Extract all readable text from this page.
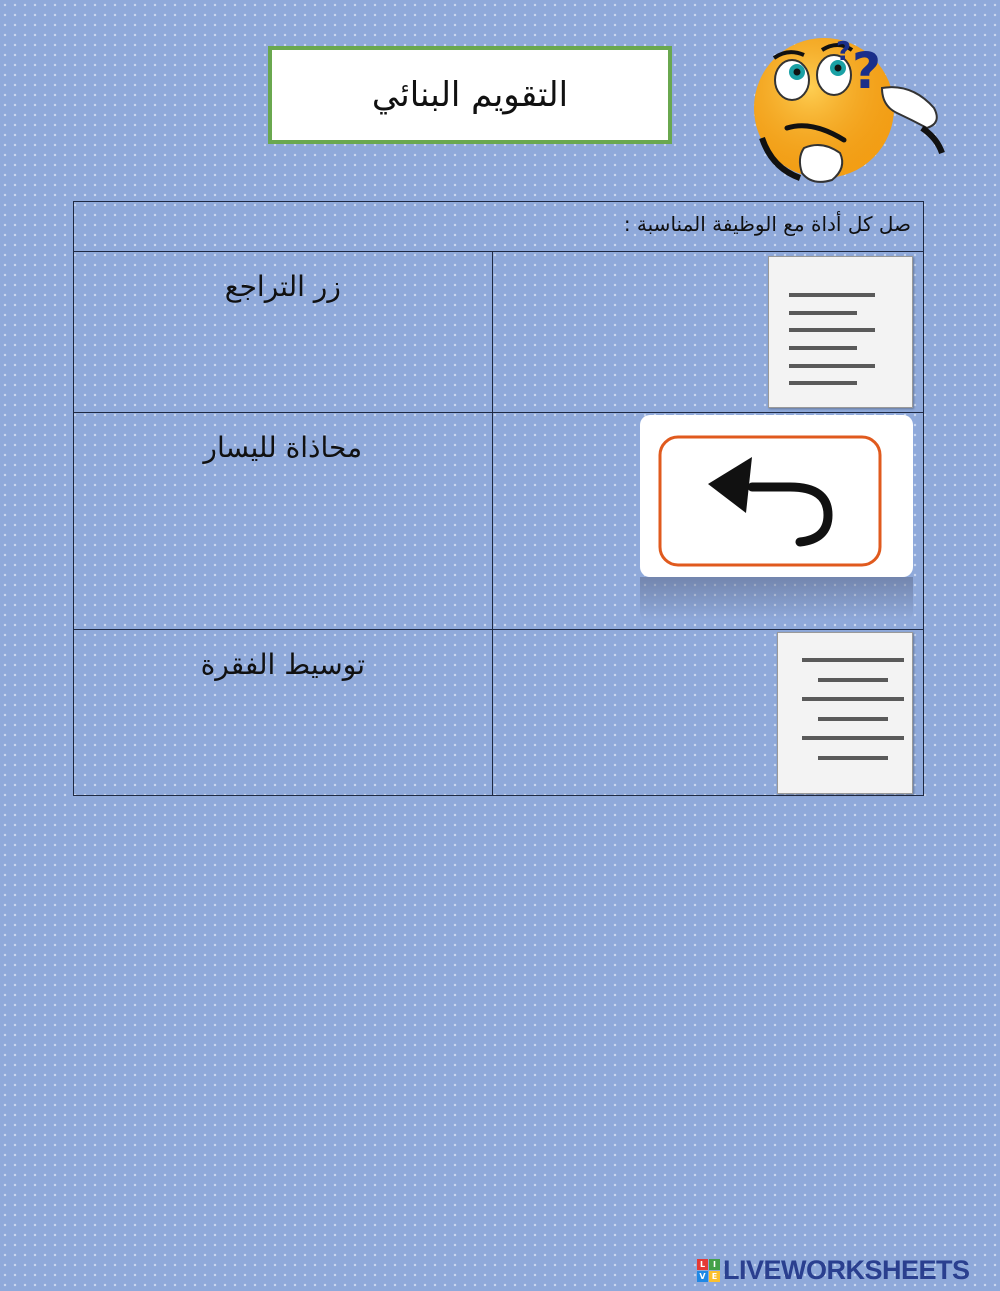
التقويم البنائي	?
?
صل كل أداة مع الوظيفة المناسبة :	

	زر التراجع

	محاذاة لليسار

	توسيط الفقرة
L I
V E LIVEWORKSHEETS
